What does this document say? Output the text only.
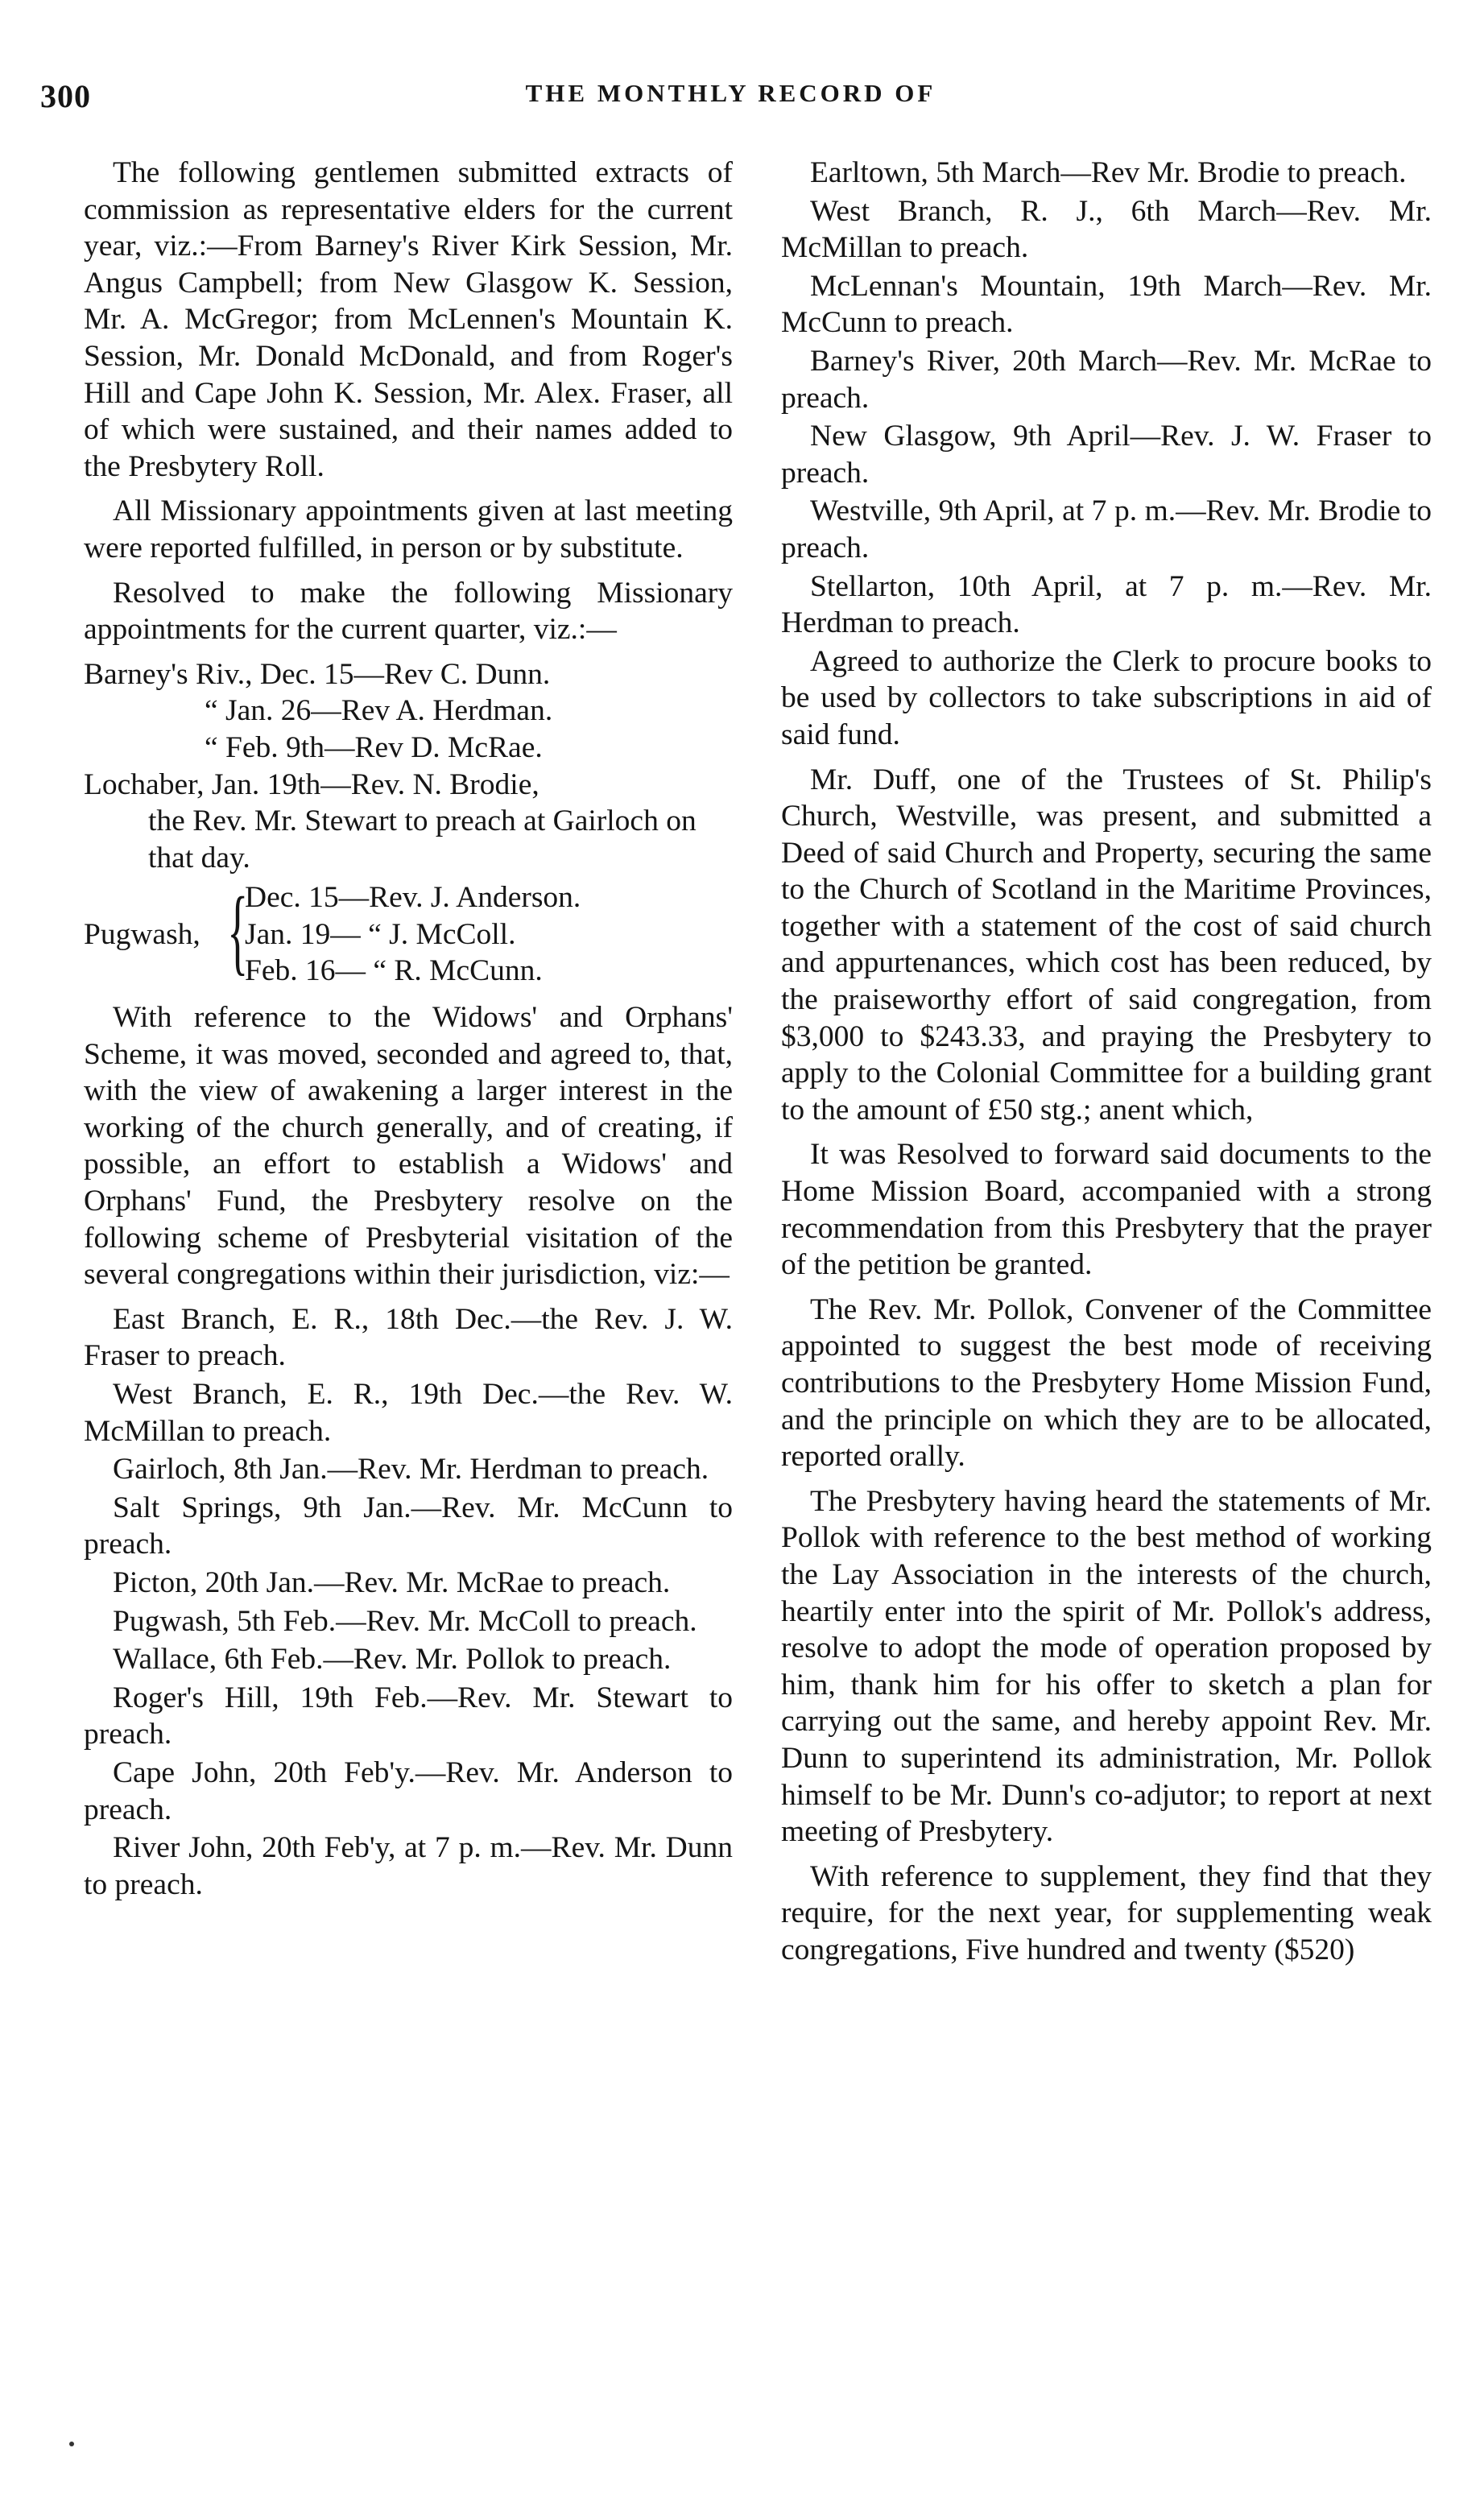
300	THE MONTHLY RECORD OF

The following gentlemen submitted extracts of commission as representative elders for the current year, viz.:—From Barney's River Kirk Session, Mr. Angus Campbell; from New Glasgow K. Session, Mr. A. McGregor; from McLennen's Mountain K. Session, Mr. Donald McDonald, and from Roger's Hill and Cape John K. Session, Mr. Alex. Fraser, all of which were sustained, and their names added to the Presbytery Roll.

All Missionary appointments given at last meeting were reported fulfilled, in person or by substitute.

Resolved to make the following Missionary appointments for the current quarter, viz.:—

Barney's Riv., Dec. 15—Rev C. Dunn.
“ Jan. 26—Rev A. Herdman.
“ Feb. 9th—Rev D. McRae.
Lochaber, Jan. 19th—Rev. N. Brodie,
the Rev. Mr. Stewart to preach at Gairloch on that day.
Pugwash, {
Dec. 15—Rev. J. Anderson.
Jan. 19— “ J. McColl.
Feb. 16— “ R. McCunn.

With reference to the Widows' and Orphans' Scheme, it was moved, seconded and agreed to, that, with the view of awakening a larger interest in the working of the church generally, and of creating, if possible, an effort to establish a Widows' and Orphans' Fund, the Presbytery resolve on the following scheme of Presbyterial visitation of the several congregations within their jurisdiction, viz:—

East Branch, E. R., 18th Dec.—the Rev. J. W. Fraser to preach.

West Branch, E. R., 19th Dec.—the Rev. W. McMillan to preach.

Gairloch, 8th Jan.—Rev. Mr. Herdman to preach.

Salt Springs, 9th Jan.—Rev. Mr. McCunn to preach.

Picton, 20th Jan.—Rev. Mr. McRae to preach.

Pugwash, 5th Feb.—Rev. Mr. McColl to preach.

Wallace, 6th Feb.—Rev. Mr. Pollok to preach.

Roger's Hill, 19th Feb.—Rev. Mr. Stewart to preach.

Cape John, 20th Feb'y.—Rev. Mr. Anderson to preach.

River John, 20th Feb'y, at 7 p. m.—Rev. Mr. Dunn to preach.

Earltown, 5th March—Rev Mr. Brodie to preach.

West Branch, R. J., 6th March—Rev. Mr. McMillan to preach.

McLennan's Mountain, 19th March—Rev. Mr. McCunn to preach.

Barney's River, 20th March—Rev. Mr. McRae to preach.

New Glasgow, 9th April—Rev. J. W. Fraser to preach.

Westville, 9th April, at 7 p. m.—Rev. Mr. Brodie to preach.

Stellarton, 10th April, at 7 p. m.—Rev. Mr. Herdman to preach.

Agreed to authorize the Clerk to procure books to be used by collectors to take subscriptions in aid of said fund.

Mr. Duff, one of the Trustees of St. Philip's Church, Westville, was present, and submitted a Deed of said Church and Property, securing the same to the Church of Scotland in the Maritime Provinces, together with a statement of the cost of said church and appurtenances, which cost has been reduced, by the praiseworthy effort of said congregation, from $3,000 to $243.33, and praying the Presbytery to apply to the Colonial Committee for a building grant to the amount of £50 stg.; anent which,

It was Resolved to forward said documents to the Home Mission Board, accompanied with a strong recommendation from this Presbytery that the prayer of the petition be granted.

The Rev. Mr. Pollok, Convener of the Committee appointed to suggest the best mode of receiving contributions to the Presbytery Home Mission Fund, and the principle on which they are to be allocated, reported orally.

The Presbytery having heard the statements of Mr. Pollok with reference to the best method of working the Lay Association in the interests of the church, heartily enter into the spirit of Mr. Pollok's address, resolve to adopt the mode of operation proposed by him, thank him for his offer to sketch a plan for carrying out the same, and hereby appoint Rev. Mr. Dunn to superintend its administration, Mr. Pollok himself to be Mr. Dunn's co-adjutor; to report at next meeting of Presbytery.

With reference to supplement, they find that they require, for the next year, for supplementing weak congregations, Five hundred and twenty ($520)
